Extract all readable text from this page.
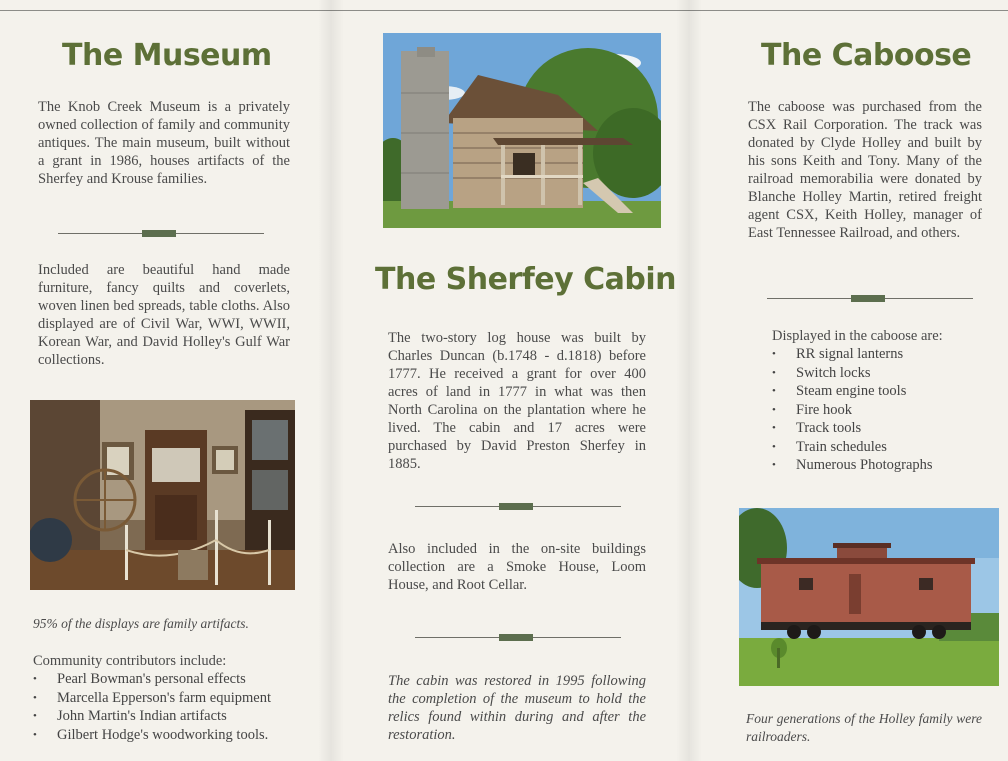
The Museum

The Knob Creek Museum is a privately owned collection of family and community antiques. The main museum, built without a grant in 1986, houses artifacts of the Sherfey and Krouse families.

Included are beautiful hand made furniture, fancy quilts and coverlets, woven linen bed spreads, table cloths. Also displayed are of Civil War, WWI, WWII, Korean War, and David Holley's Gulf War collections.

95% of the displays are family artifacts.

Community contributors include:

• Pearl Bowman's personal effects
• Marcella Epperson's farm equipment
• John Martin's Indian artifacts
• Gilbert Hodge's woodworking tools.
The Sherfey Cabin

The two-story log house was built by Charles Duncan (b.1748 - d.1818) before 1777. He received a grant for over 400 acres of land in 1777 in what was then North Carolina on the plantation where he lived. The cabin and 17 acres were purchased by David Preston Sherfey in 1885.

Also included in the on-site buildings collection are a Smoke House, Loom House, and Root Cellar.

The cabin was restored in 1995 following the completion of the museum to hold the relics found within during and after the restoration.

The Caboose

The caboose was purchased from the CSX Rail Corporation. The track was donated by Clyde Holley and built by his sons Keith and Tony. Many of the railroad memorabilia were donated by Blanche Holley Martin, retired freight agent CSX, Keith Holley, manager of East Tennessee Railroad, and others.

Displayed in the caboose are:

• RR signal lanterns
• Switch locks
• Steam engine tools
• Fire hook
• Track tools
• Train schedules
• Numerous Photographs

Four generations of the Holley family were railroaders.
